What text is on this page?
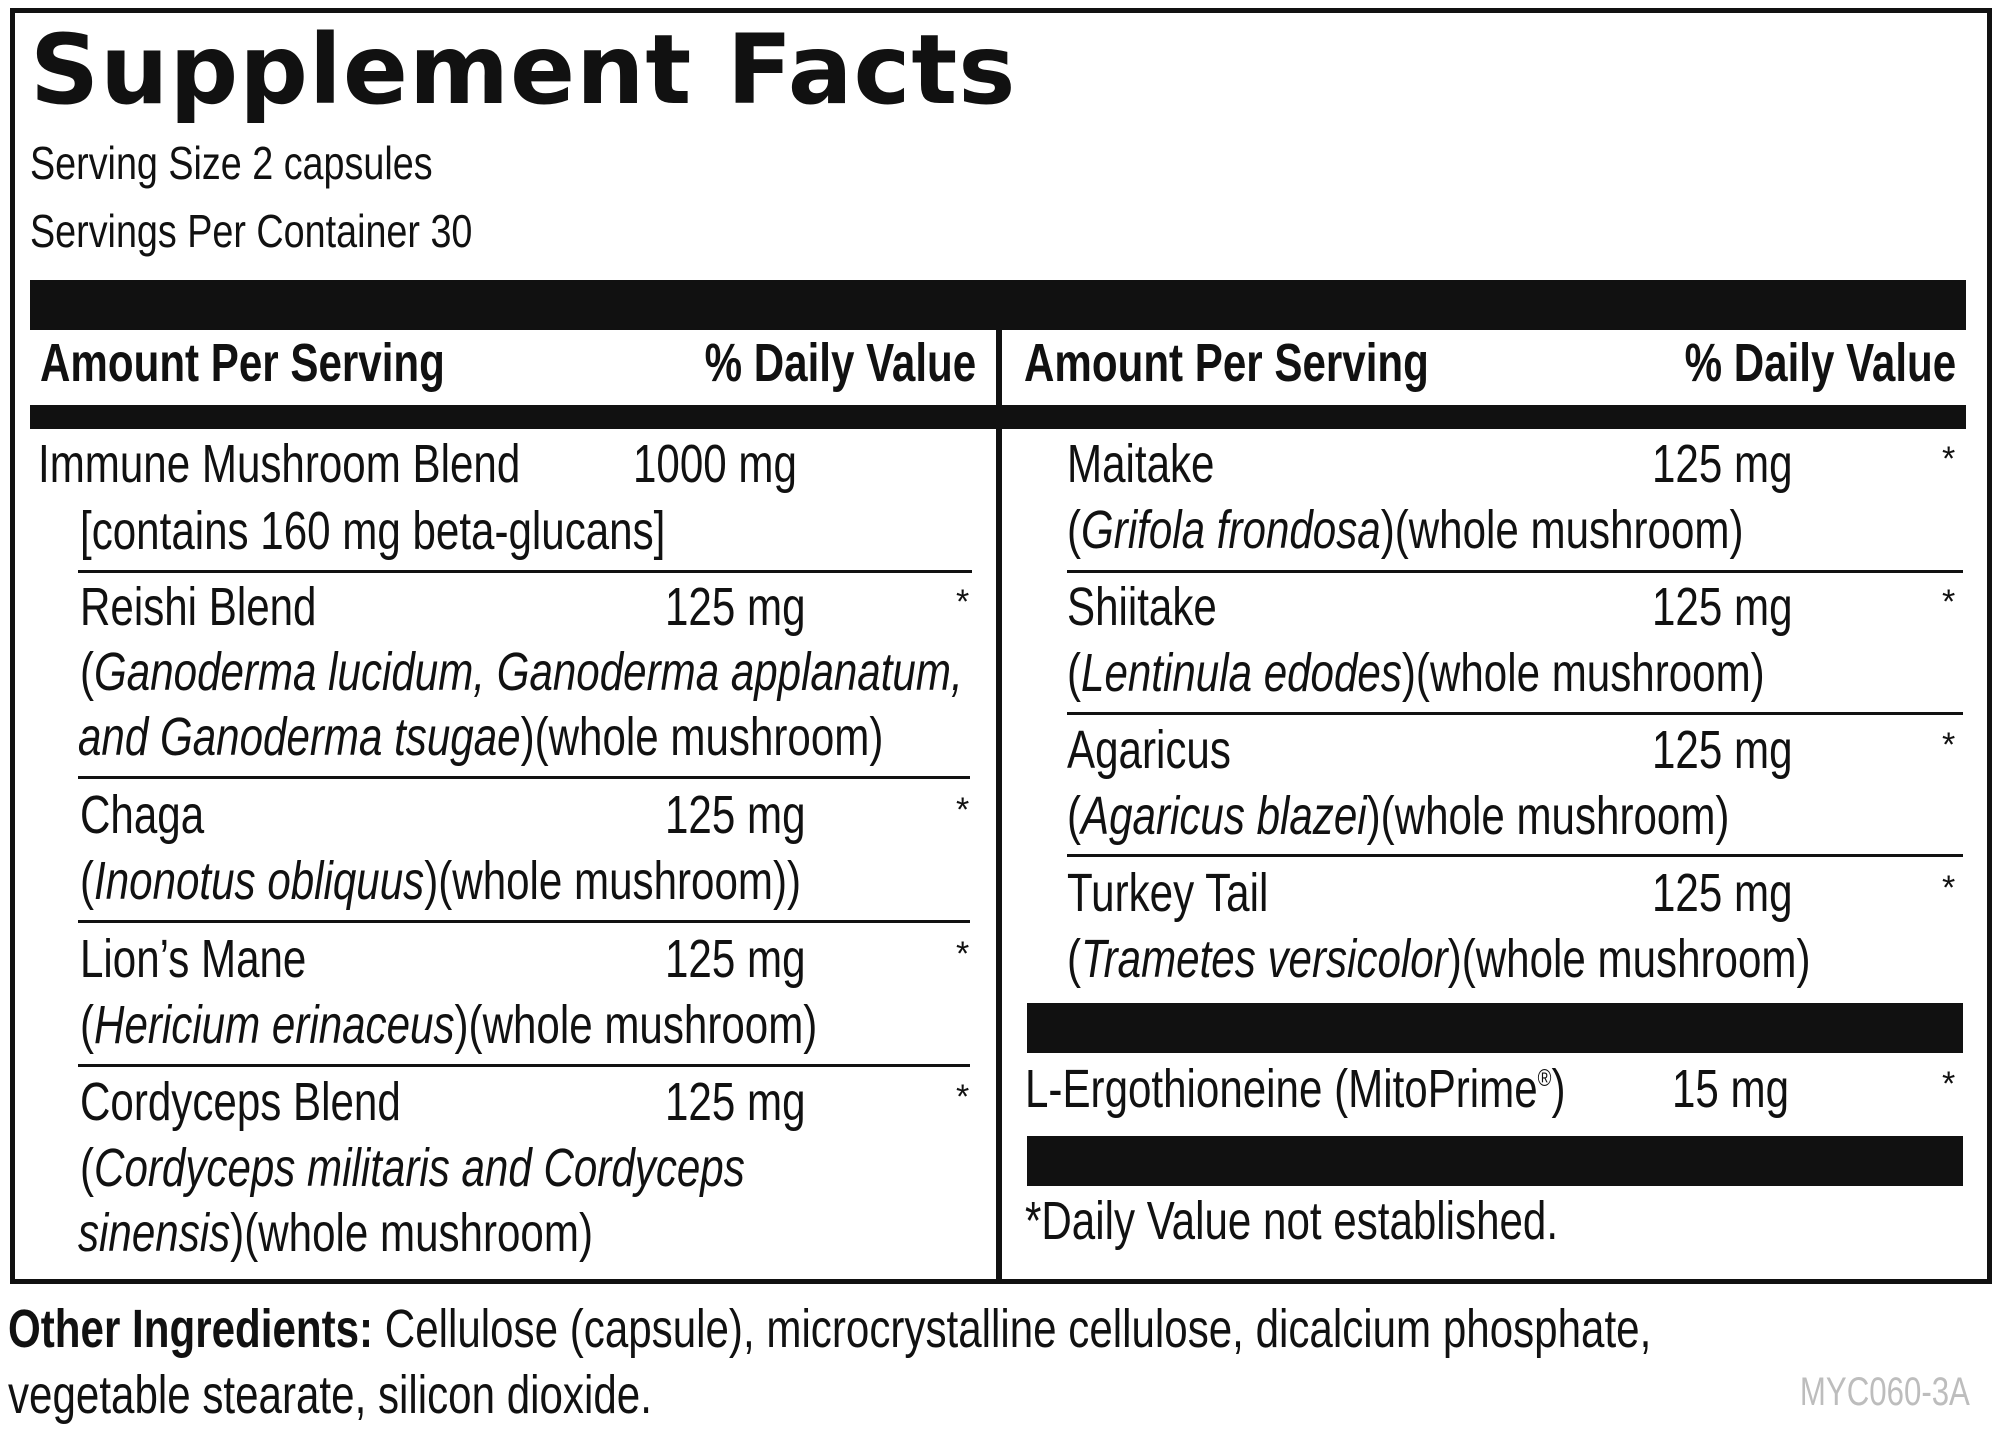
Supplement Facts
Serving Size 2 capsules
Servings Per Container 30
Amount Per Serving	% Daily Value Amount Per Serving	% Daily Value
Immune Mushroom Blend 1000 mg
[contains 160 mg beta-glucans]
Reishi Blend	125 mg	*
(Ganoderma lucidum, Ganoderma applanatum,
and Ganoderma tsugae)(whole mushroom)
Chaga	125 mg	*
(Inonotus obliquus)(whole mushroom))
Lion’s Mane	125 mg	*
(Hericium erinaceus)(whole mushroom)
Cordyceps Blend	125 mg	*
(Cordyceps militaris and Cordyceps
sinensis)(whole mushroom)
Maitake	125 mg	*
(Grifola frondosa)(whole mushroom)
Shiitake	125 mg	*
(Lentinula edodes)(whole mushroom)
Agaricus	125 mg	*
(Agaricus blazei)(whole mushroom)
Turkey Tail	125 mg	*
(Trametes versicolor)(whole mushroom)
L-Ergothioneine (MitoPrime®) 15 mg	*
*Daily Value not established.
Other Ingredients: Cellulose (capsule), microcrystalline cellulose, dicalcium phosphate,
vegetable stearate, silicon dioxide.	MYC060-3A
